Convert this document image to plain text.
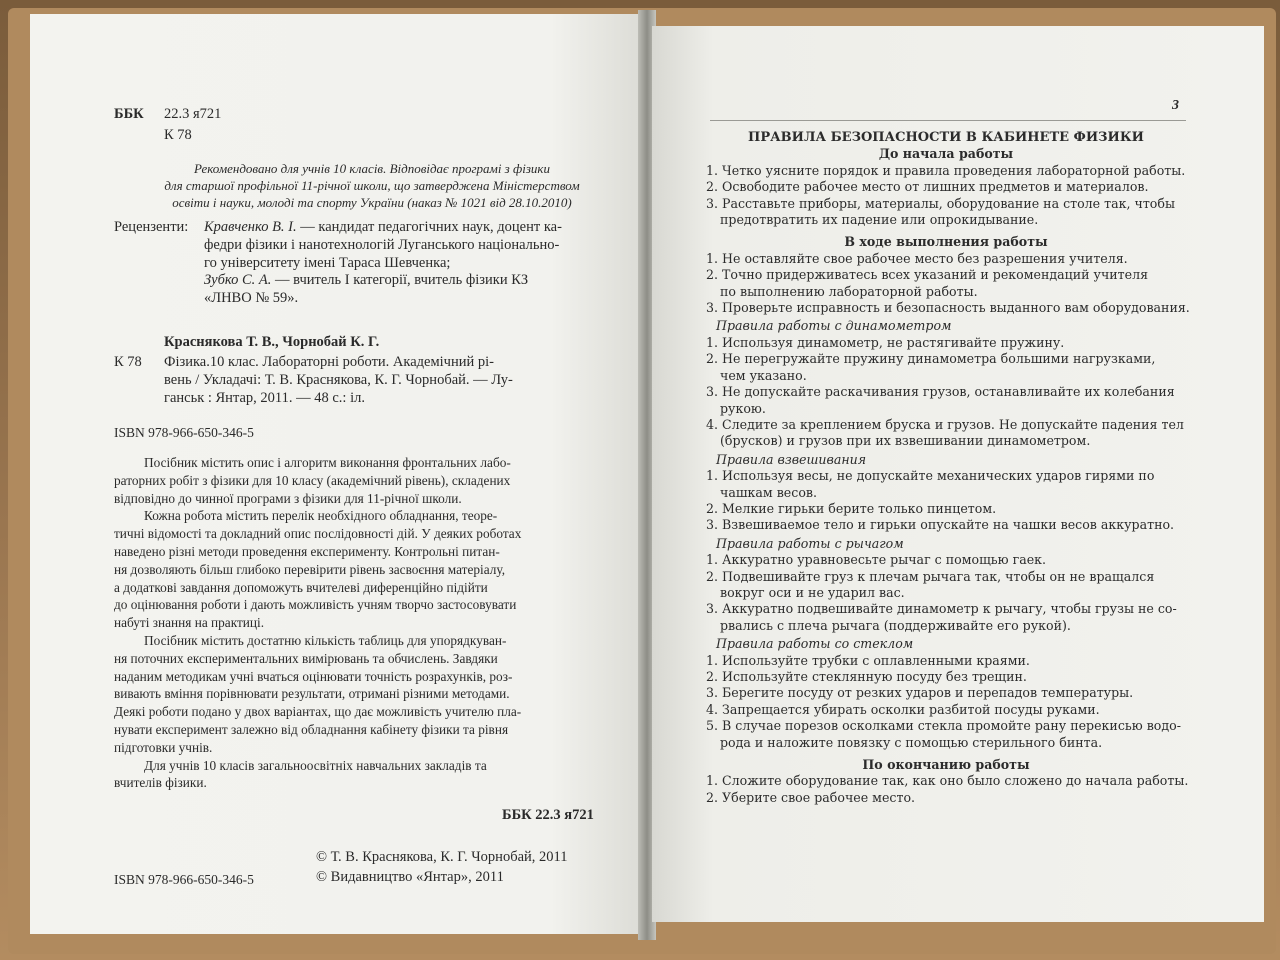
ББК 22.3 я721
К 78
Рекомендовано для учнів 10 класів. Відповідає програмі з фізики
для старшої профільної 11-річної школи, що затверджена Міністерством
освіти і науки, молоді та спорту України (наказ № 1021 від 28.10.2010)
Рецензенти: Кравченко В. І. — кандидат педагогічних наук, доцент ка-
федри фізики і нанотехнологій Луганського національно-
го університету імені Тараса Шевченка;
Зубко С. А. — вчитель I категорії, вчитель фізики КЗ
«ЛНВО № 59».
Краснякова Т. В., Чорнобай К. Г.
К 78 Фізика.10 клас. Лабораторні роботи. Академічний рі-
вень / Укладачі: Т. В. Краснякова, К. Г. Чорнобай. — Лу-
ганськ : Янтар, 2011. — 48 с.: іл.
ISBN 978-966-650-346-5
Посібник містить опис і алгоритм виконання фронтальних лабо-
раторних робіт з фізики для 10 класу (академічний рівень), складених
відповідно до чинної програми з фізики для 11-річної школи.
Кожна робота містить перелік необхідного обладнання, теоре-
тичні відомості та докладний опис послідовності дій. У деяких роботах
наведено різні методи проведення експерименту. Контрольні питан-
ня дозволяють більш глибоко перевірити рівень засвоєння матеріалу,
а додаткові завдання допоможуть вчителеві диференційно підійти
до оцінювання роботи і дають можливість учням творчо застосовувати
набуті знання на практиці.
Посібник містить достатню кількість таблиць для упорядкуван-
ня поточних експериментальних вимірювань та обчислень. Завдяки
наданим методикам учні вчаться оцінювати точність розрахунків, роз-
вивають вміння порівнювати результати, отримані різними методами.
Деякі роботи подано у двох варіантах, що дає можливість учителю пла-
нувати експеримент залежно від обладнання кабінету фізики та рівня
підготовки учнів.
Для учнів 10 класів загальноосвітніх навчальних закладів та
вчителів фізики.
ББК 22.3 я721
© Т. В. Краснякова, К. Г. Чорнобай, 2011
© Видавництво «Янтар», 2011
ISBN 978-966-650-346-5
3
ПРАВИЛА БЕЗОПАСНОСТИ В КАБИНЕТЕ ФИЗИКИ
До начала работы
1. Четко уясните порядок и правила проведения лабораторной работы.
2. Освободите рабочее место от лишних предметов и материалов.
3. Расставьте приборы, материалы, оборудование на столе так, чтобы
предотвратить их падение или опрокидывание.
В ходе выполнения работы
1. Не оставляйте свое рабочее место без разрешения учителя.
2. Точно придерживатесь всех указаний и рекомендаций учителя
по выполнению лабораторной работы.
3. Проверьте исправность и безопасность выданного вам оборудования.
Правила работы с динамометром
1. Используя динамометр, не растягивайте пружину.
2. Не перегружайте пружину динамометра большими нагрузками,
чем указано.
3. Не допускайте раскачивания грузов, останавливайте их колебания
рукою.
4. Следите за креплением бруска и грузов. Не допускайте падения тел
(брусков) и грузов при их взвешивании динамометром.
Правила взвешивания
1. Используя весы, не допускайте механических ударов гирями по
чашкам весов.
2. Мелкие гирьки берите только пинцетом.
3. Взвешиваемое тело и гирьки опускайте на чашки весов аккуратно.
Правила работы с рычагом
1. Аккуратно уравновесьте рычаг с помощью гаек.
2. Подвешивайте груз к плечам рычага так, чтобы он не вращался
вокруг оси и не ударил вас.
3. Аккуратно подвешивайте динамометр к рычагу, чтобы грузы не со-
рвались с плеча рычага (поддерживайте его рукой).
Правила работы со стеклом
1. Используйте трубки с оплавленными краями.
2. Используйте стеклянную посуду без трещин.
3. Берегите посуду от резких ударов и перепадов температуры.
4. Запрещается убирать осколки разбитой посуды руками.
5. В случае порезов осколками стекла промойте рану перекисью водо-
рода и наложите повязку с помощью стерильного бинта.
По окончанию работы
1. Сложите оборудование так, как оно было сложено до начала работы.
2. Уберите свое рабочее место.
